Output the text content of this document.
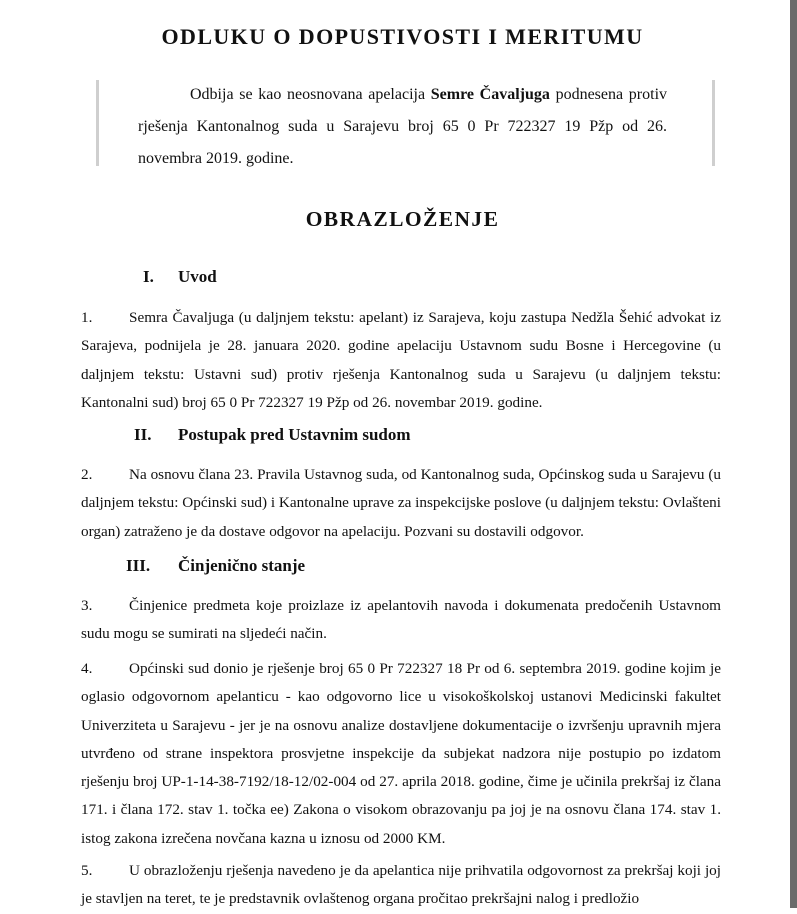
ODLUKU O DOPUSTIVOSTI I MERITUMU

Odbija se kao neosnovana apelacija Semre Čavaljuga podnesena protiv rješenja Kantonalnog suda u Sarajevu broj 65 0 Pr 722327 19 Pžp od 26. novembra 2019. godine.

OBRAZLOŽENJE

I. Uvod

1. Semra Čavaljuga (u daljnjem tekstu: apelant) iz Sarajeva, koju zastupa Nedžla Šehić advokat iz Sarajeva, podnijela je 28. januara 2020. godine apelaciju Ustavnom sudu Bosne i Hercegovine (u daljnjem tekstu: Ustavni sud) protiv rješenja Kantonalnog suda u Sarajevu (u daljnjem tekstu: Kantonalni sud) broj 65 0 Pr 722327 19 Pžp od 26. novembar 2019. godine.

II. Postupak pred Ustavnim sudom

2. Na osnovu člana 23. Pravila Ustavnog suda, od Kantonalnog suda, Općinskog suda u Sarajevu (u daljnjem tekstu: Općinski sud) i Kantonalne uprave za inspekcijske poslove (u daljnjem tekstu: Ovlašteni organ) zatraženo je da dostave odgovor na apelaciju. Pozvani su dostavili odgovor.

III. Činjenično stanje

3. Činjenice predmeta koje proizlaze iz apelantovih navoda i dokumenata predočenih Ustavnom sudu mogu se sumirati na sljedeći način.

4. Općinski sud donio je rješenje broj 65 0 Pr 722327 18 Pr od 6. septembra 2019. godine kojim je oglasio odgovornom apelanticu - kao odgovorno lice u visokoškolskoj ustanovi Medicinski fakultet Univerziteta u Sarajevu - jer je na osnovu analize dostavljene dokumentacije o izvršenju upravnih mjera utvrđeno od strane inspektora prosvjetne inspekcije da subjekat nadzora nije postupio po izdatom rješenju broj UP-1-14-38-7192/18-12/02-004 od 27. aprila 2018. godine, čime je učinila prekršaj iz člana 171. i člana 172. stav 1. točka ee) Zakona o visokom obrazovanju pa joj je na osnovu člana 174. stav 1. istog zakona izrečena novčana kazna u iznosu od 2000 KM.

5. U obrazloženju rješenja navedeno je da apelantica nije prihvatila odgovornost za prekršaj koji joj je stavljen na teret, te je predstavnik ovlaštenog organa pročitao prekršajni nalog i predložio
